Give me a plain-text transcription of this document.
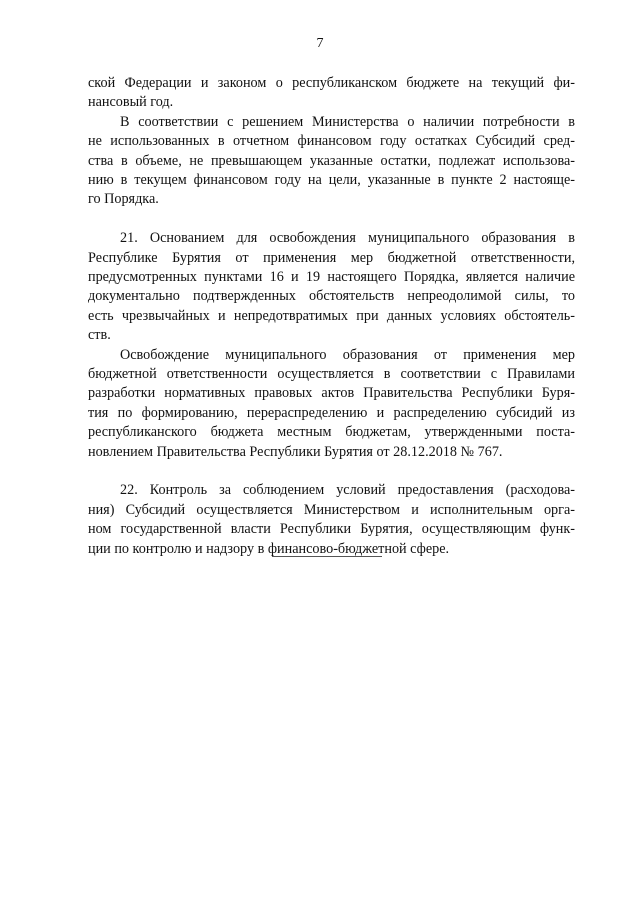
7
ской Федерации и законом о республиканском бюджете на текущий фи-
нансовый год.
В соответствии с решением Министерства о наличии потребности в
не использованных в отчетном финансовом году остатках Субсидий сред-
ства в объеме, не превышающем указанные остатки, подлежат использова-
нию в текущем финансовом году на цели, указанные в пункте 2 настояще-
го Порядка.
21. Основанием для освобождения муниципального образования в
Республике Бурятия от применения мер бюджетной ответственности,
предусмотренных пунктами 16 и 19 настоящего Порядка, является наличие
документально подтвержденных обстоятельств непреодолимой силы, то
есть чрезвычайных и непредотвратимых при данных условиях обстоятель-
ств.
Освобождение муниципального образования от применения мер
бюджетной ответственности осуществляется в соответствии с Правилами
разработки нормативных правовых актов Правительства Республики Буря-
тия по формированию, перераспределению и распределению субсидий из
республиканского бюджета местным бюджетам, утвержденными поста-
новлением Правительства Республики Бурятия от 28.12.2018 № 767.
22. Контроль за соблюдением условий предоставления (расходова-
ния) Субсидий осуществляется Министерством и исполнительным орга-
ном государственной власти Республики Бурятия, осуществляющим функ-
ции по контролю и надзору в финансово-бюджетной сфере.
